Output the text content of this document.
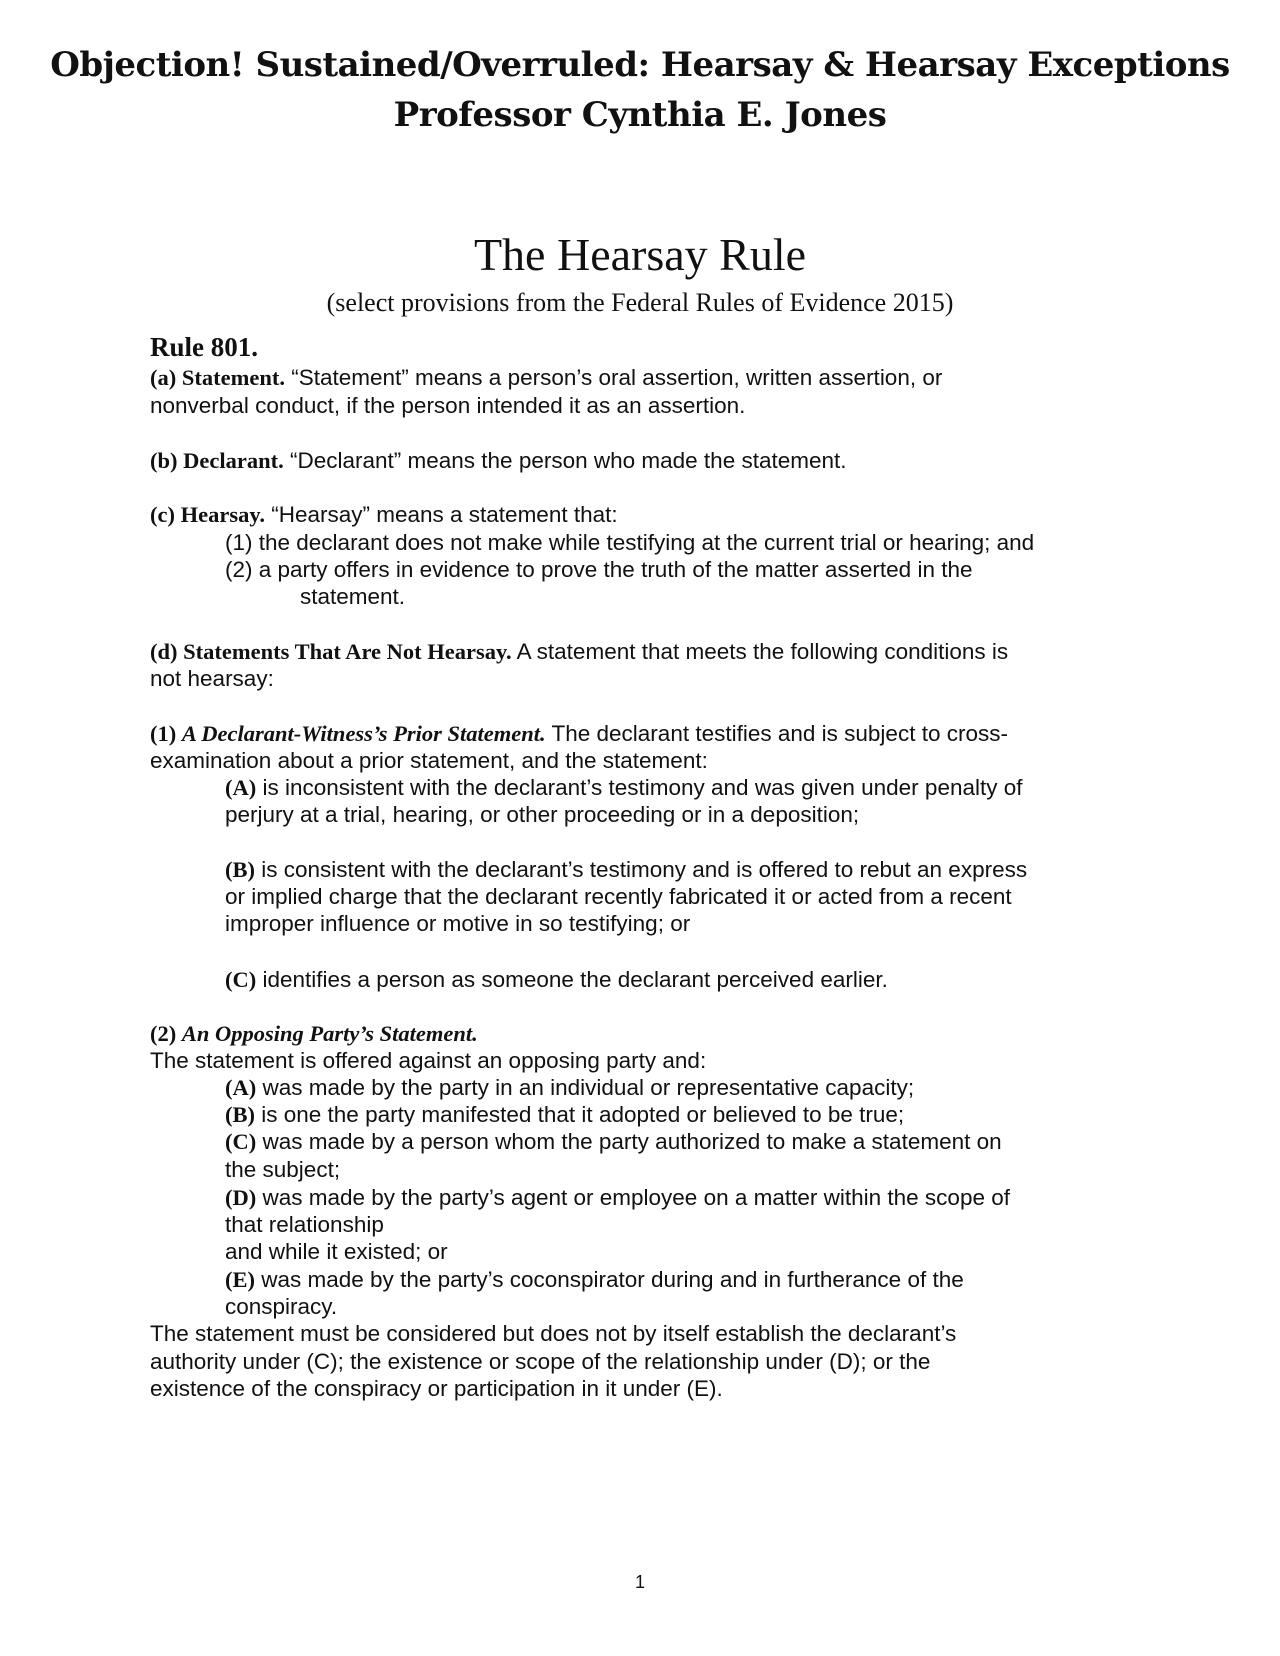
Objection! Sustained/Overruled: Hearsay & Hearsay Exceptions
Professor Cynthia E. Jones
The Hearsay Rule
(select provisions from the Federal Rules of Evidence 2015)
Rule 801.
(a) Statement. “Statement” means a person’s oral assertion, written assertion, or
nonverbal conduct, if the person intended it as an assertion.
(b) Declarant. “Declarant” means the person who made the statement.
(c) Hearsay. “Hearsay” means a statement that:
(1) the declarant does not make while testifying at the current trial or hearing; and
(2) a party offers in evidence to prove the truth of the matter asserted in the
statement.
(d) Statements That Are Not Hearsay. A statement that meets the following conditions is
not hearsay:
(1) A Declarant-Witness’s Prior Statement. The declarant testifies and is subject to cross-
examination about a prior statement, and the statement:
(A) is inconsistent with the declarant’s testimony and was given under penalty of
perjury at a trial, hearing, or other proceeding or in a deposition;
(B) is consistent with the declarant’s testimony and is offered to rebut an express
or implied charge that the declarant recently fabricated it or acted from a recent
improper influence or motive in so testifying; or
(C) identifies a person as someone the declarant perceived earlier.
(2) An Opposing Party’s Statement.
The statement is offered against an opposing party and:
(A) was made by the party in an individual or representative capacity;
(B) is one the party manifested that it adopted or believed to be true;
(C) was made by a person whom the party authorized to make a statement on
the subject;
(D) was made by the party’s agent or employee on a matter within the scope of
that relationship
and while it existed; or
(E) was made by the party’s coconspirator during and in furtherance of the
conspiracy.
The statement must be considered but does not by itself establish the declarant’s
authority under (C); the existence or scope of the relationship under (D); or the
existence of the conspiracy or participation in it under (E).
1
